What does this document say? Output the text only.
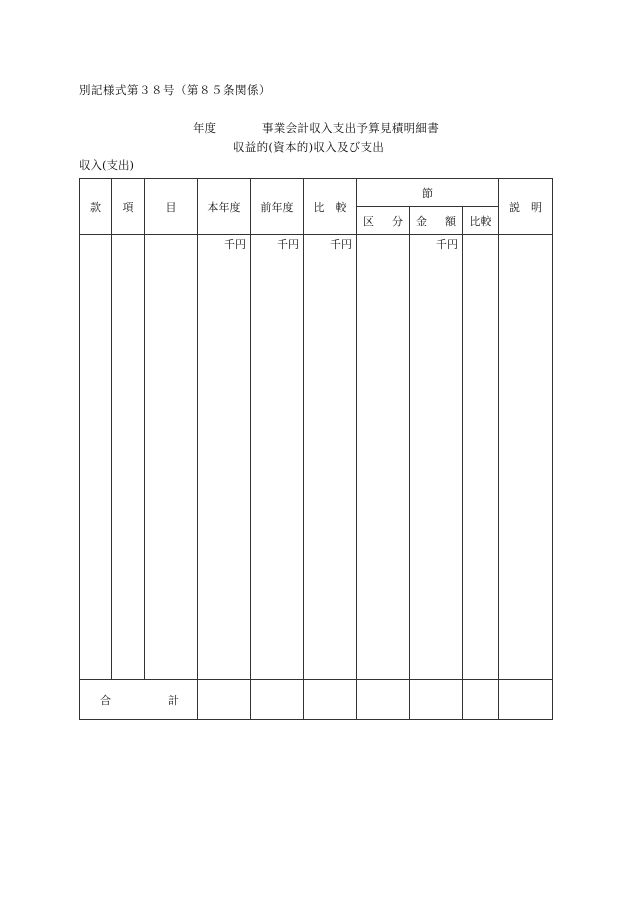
別記様式第３８号（第８５条関係）
年度	事業会計収入支出予算見積明細書
収益的(資本的)収入及び支出
収入(支出)
款	項	目	本年度	前年度	比　較	節			説　明

						区 分	金 額	比較	
			千円	千円	千円		千円		

合 計									
